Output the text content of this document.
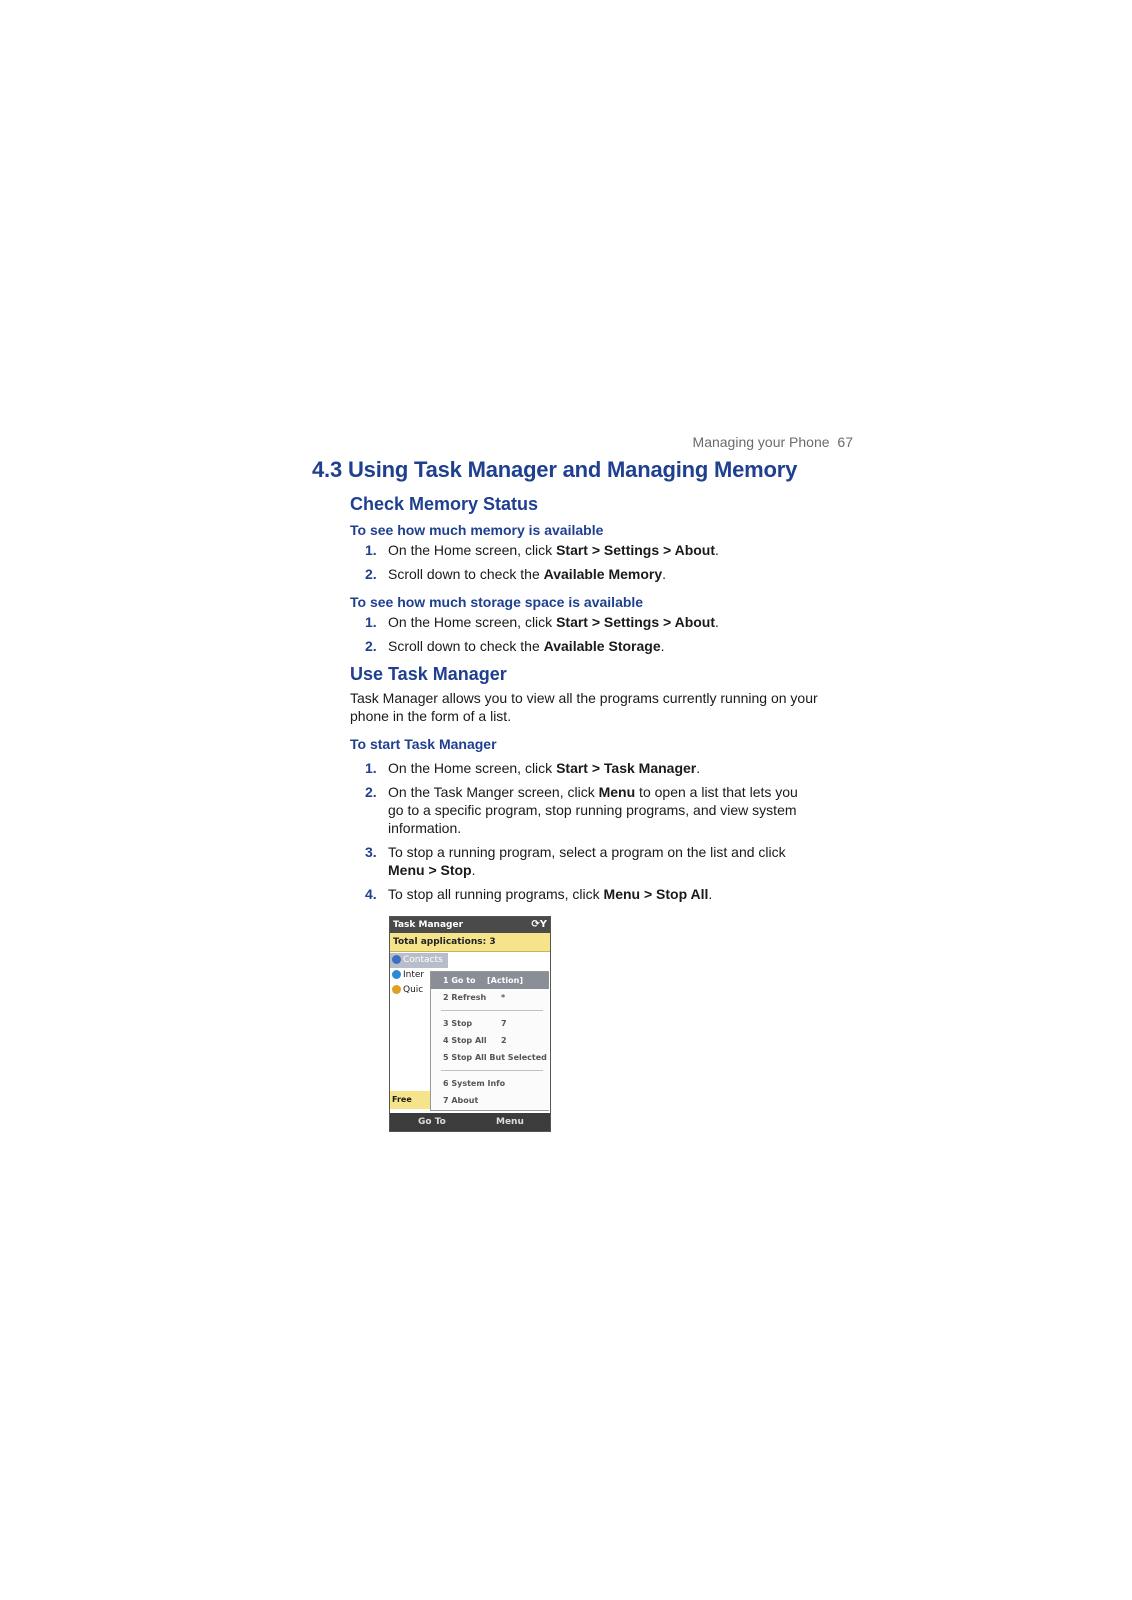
Managing your Phone 67
4.3 Using Task Manager and Managing Memory
Check Memory Status
To see how much memory is available
1. On the Home screen, click Start > Settings > About.
2. Scroll down to check the Available Memory.
To see how much storage space is available
1. On the Home screen, click Start > Settings > About.
2. Scroll down to check the Available Storage.
Use Task Manager
Task Manager allows you to view all the programs currently running on your phone in the form of a list.
To start Task Manager
1. On the Home screen, click Start > Task Manager.
2. On the Task Manger screen, click Menu to open a list that lets you go to a specific program, stop running programs, and view system information.
3. To stop a running program, select a program on the list and click Menu > Stop.
4. To stop all running programs, click Menu > Stop All.
Task Manager	⟳Y
Total applications: 3
Contacts
Inter
Quic
Free
1 Go to [Action]
2 Refresh *
3 Stop	7
4 Stop All 2
5 Stop All But Selected
6 System Info
7 About
Go To	Menu
